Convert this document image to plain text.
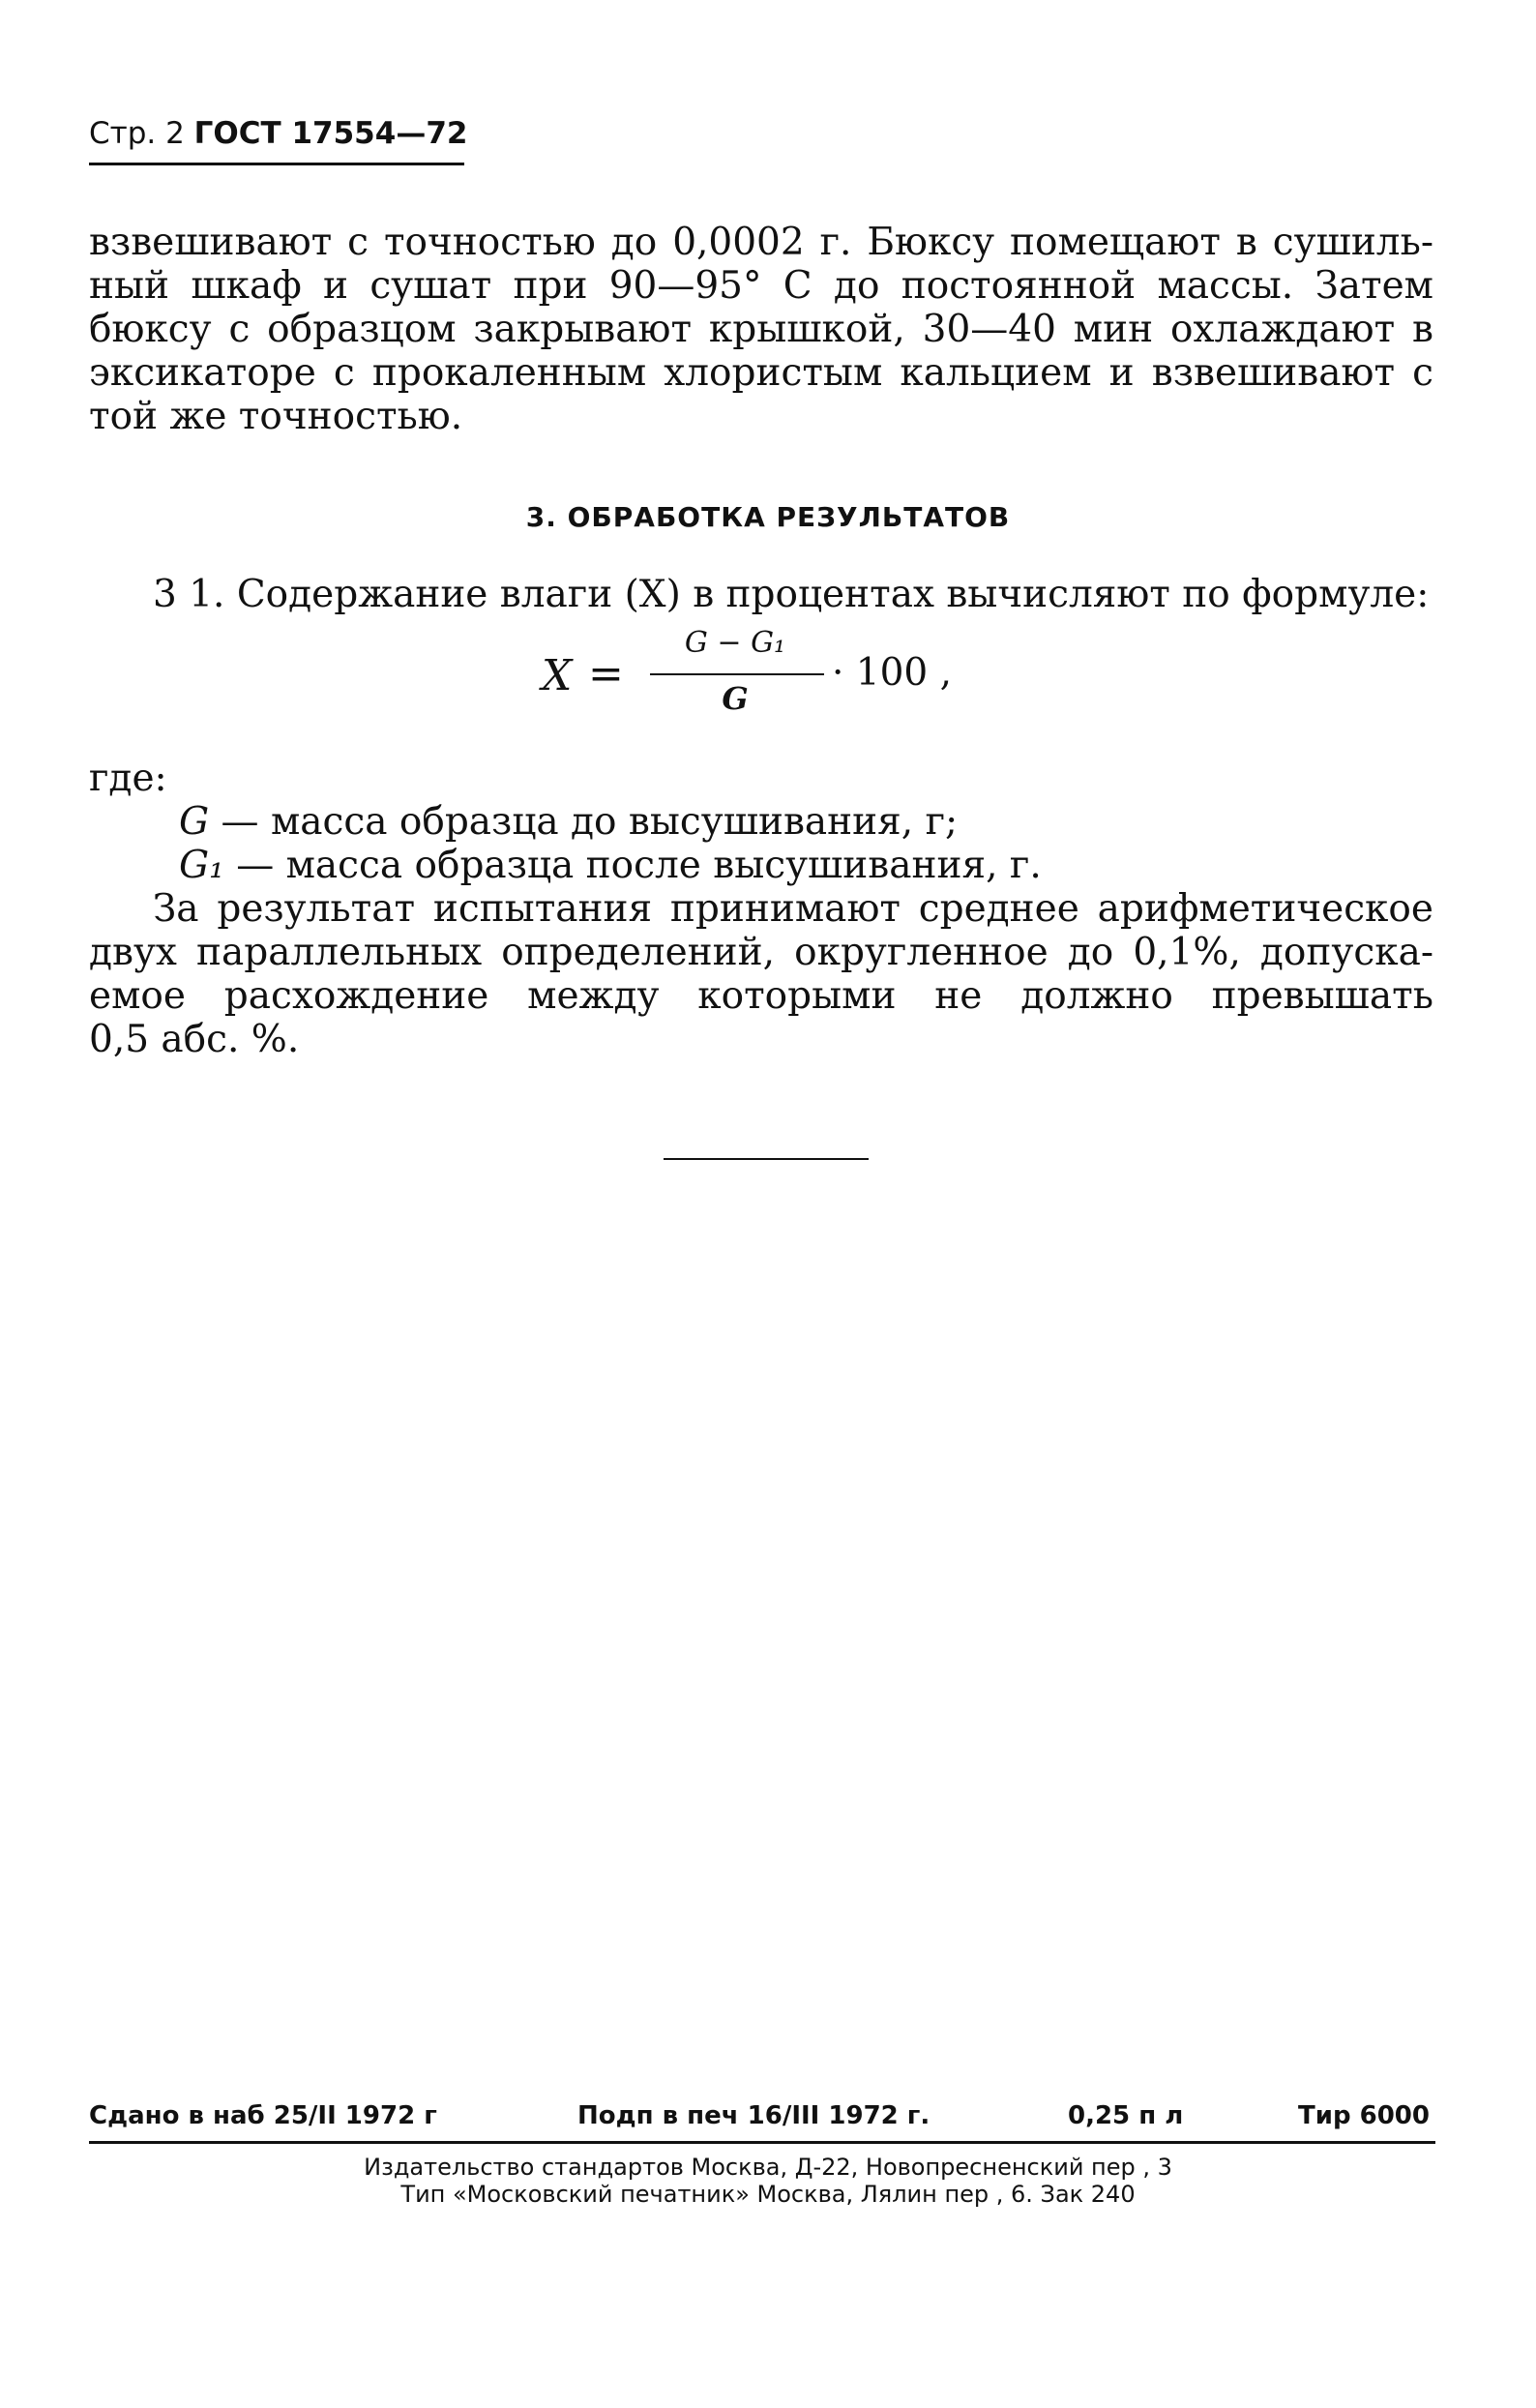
Стр. 2 ГОСТ 17554—72

взвешивают с точностью до 0,0002 г. Бюксу помещают в сушиль-
ный шкаф и сушат при 90—95° С до постоянной массы. Затем
бюксу с образцом закрывают крышкой, 30—40 мин охлаждают в
эксикаторе с прокаленным хлористым кальцием и взвешивают с
той же точностью.

3. ОБРАБОТКА РЕЗУЛЬТАТОВ
3 1. Содержание влаги (X) в процентах вычисляют по формуле:
X =
G − G₁
G
· 100 ,
где:
G — масса образца до высушивания, г;
G₁ — масса образца после высушивания, г.

За результат испытания принимают среднее арифметическое
двух параллельных определений, округленное до 0,1%, допуска-
емое расхождение между которыми не должно превышать
0,5 абс. %.

Сдано в наб 25/II 1972 г	Подп в печ 16/III 1972 г.	0,25 п л	Тир 6000
Издательство стандартов Москва, Д-22, Новопресненский пер , 3
Тип «Московский печатник» Москва, Лялин пер , 6. Зак 240
